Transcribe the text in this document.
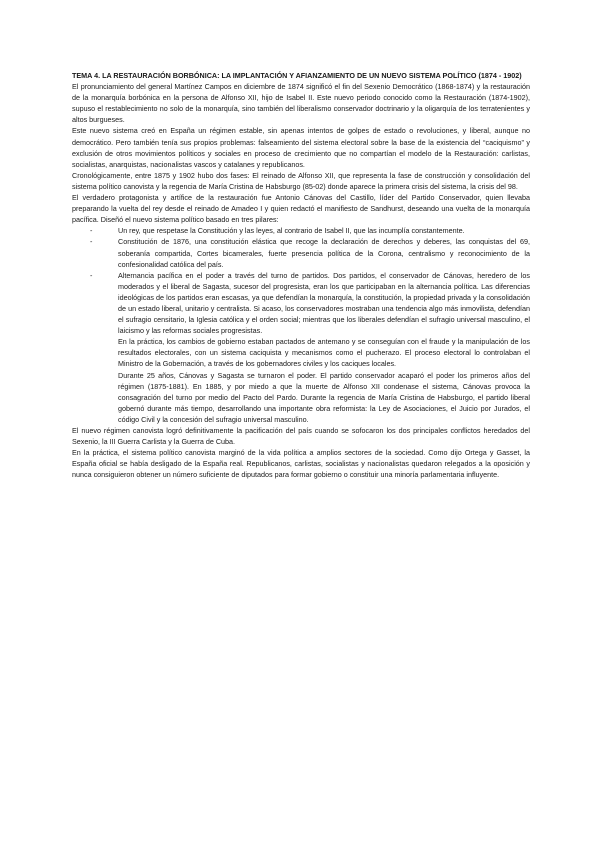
TEMA 4. LA RESTAURACIÓN BORBÓNICA: LA IMPLANTACIÓN Y AFIANZAMIENTO DE UN NUEVO SISTEMA POLÍTICO (1874 - 1902)

El pronunciamiento del general Martínez Campos en diciembre de 1874 significó el fin del Sexenio Democrático (1868-1874) y la restauración de la monarquía borbónica en la persona de Alfonso XII, hijo de Isabel II. Este nuevo periodo conocido como la Restauración (1874-1902), supuso el restablecimiento no solo de la monarquía, sino también del liberalismo conservador doctrinario y la oligarquía de los terratenientes y altos burgueses.

Este nuevo sistema creó en España un régimen estable, sin apenas intentos de golpes de estado o revoluciones, y liberal, aunque no democrático. Pero también tenía sus propios problemas: falseamiento del sistema electoral sobre la base de la existencia del “caciquismo” y exclusión de otros movimientos políticos y sociales en proceso de crecimiento que no compartían el modelo de la Restauración: carlistas, socialistas, anarquistas, nacionalistas vascos y catalanes y republicanos.

Cronológicamente, entre 1875 y 1902 hubo dos fases: El reinado de Alfonso XII, que representa la fase de construcción y consolidación del sistema político canovista y la regencia de María Cristina de Habsburgo (85-02) donde aparece la primera crisis del sistema, la crisis del 98.

El verdadero protagonista y artífice de la restauración fue Antonio Cánovas del Castillo, líder del Partido Conservador, quien llevaba preparando la vuelta del rey desde el reinado de Amadeo I y quien redactó el manifiesto de Sandhurst, deseando una vuelta de la monarquía pacífica. Diseñó el nuevo sistema político basado en tres pilares:

- Un rey, que respetase la Constitución y las leyes, al contrario de Isabel II, que las incumplía constantemente.
- Constitución de 1876, una constitución elástica que recoge la declaración de derechos y deberes, las conquistas del 69, soberanía compartida, Cortes bicamerales, fuerte presencia política de la Corona, centralismo y reconocimiento de la confesionalidad católica del país.
- Alternancia pacífica en el poder a través del turno de partidos. Dos partidos, el conservador de Cánovas, heredero de los moderados y el liberal de Sagasta, sucesor del progresista, eran los que participaban en la alternancia política. Las diferencias ideológicas de los partidos eran escasas, ya que defendían la monarquía, la constitución, la propiedad privada y la consolidación de un estado liberal, unitario y centralista. Si acaso, los conservadores mostraban una tendencia algo más inmovilista, defendían el sufragio censitario, la Iglesia católica y el orden social; mientras que los liberales defendían el sufragio universal masculino, el laicismo y las reformas sociales progresistas.

En la práctica, los cambios de gobierno estaban pactados de antemano y se conseguían con el fraude y la manipulación de los resultados electorales, con un sistema caciquista y mecanismos como el pucherazo. El proceso electoral lo controlaban el Ministro de la Gobernación, a través de los gobernadores civiles y los caciques locales.

Durante 25 años, Cánovas y Sagasta se turnaron el poder. El partido conservador acaparó el poder los primeros años del régimen (1875-1881). En 1885, y por miedo a que la muerte de Alfonso XII condenase el sistema, Cánovas provoca la consagración del turno por medio del Pacto del Pardo. Durante la regencia de María Cristina de Habsburgo, el partido liberal gobernó durante más tiempo, desarrollando una importante obra reformista: la Ley de Asociaciones, el Juicio por Jurados, el código Civil y la concesión del sufragio universal masculino.

El nuevo régimen canovista logró definitivamente la pacificación del país cuando se sofocaron los dos principales conflictos heredados del Sexenio, la III Guerra Carlista y la Guerra de Cuba.

En la práctica, el sistema político canovista marginó de la vida política a amplios sectores de la sociedad. Como dijo Ortega y Gasset, la España oficial se había desligado de la España real. Republicanos, carlistas, socialistas y nacionalistas quedaron relegados a la oposición y nunca consiguieron obtener un número suficiente de diputados para formar gobierno o constituir una minoría parlamentaria influyente.
